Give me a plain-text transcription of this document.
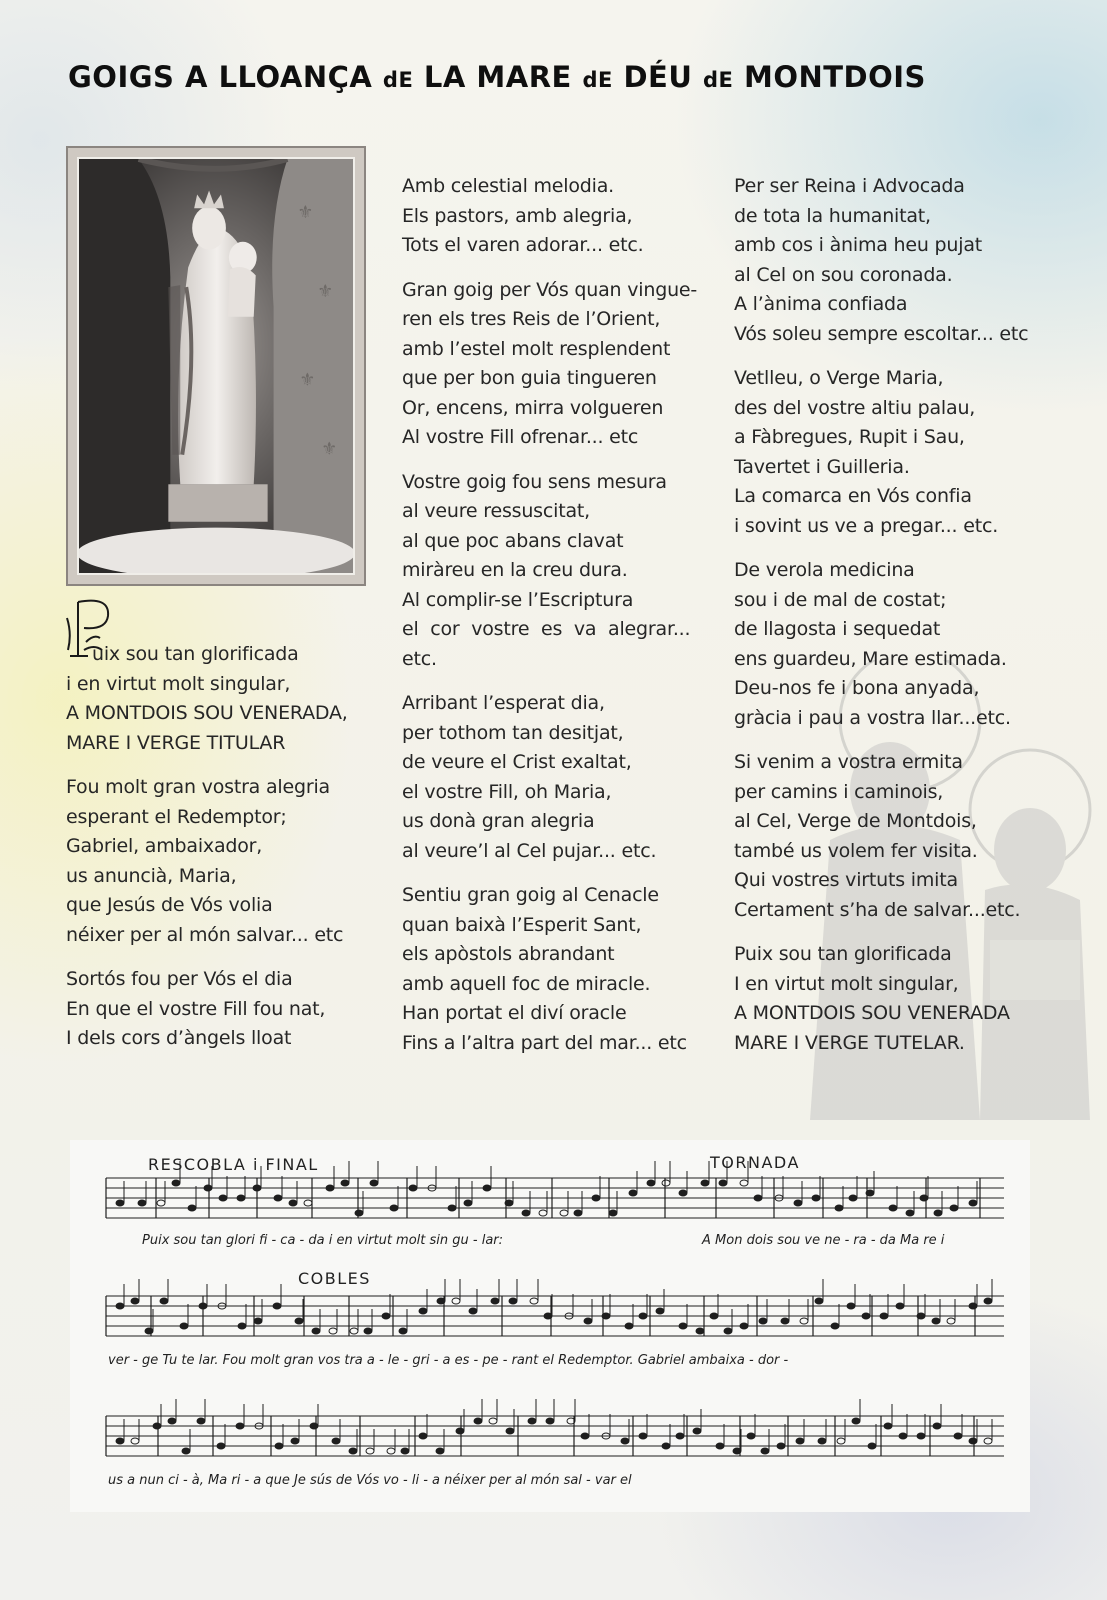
GOIGS A LLOANÇA dE LA MARE dE DÉU dE MONTDOIS
⚜
⚜
⚜
⚜

uix sou tan glorificada
i en virtut molt singular,
A MONTDOIS SOU VENERADA,
MARE I VERGE TITULAR

Fou molt gran vostra alegria
esperant el Redemptor;
Gabriel, ambaixador,
us anuncià, Maria,
que Jesús de Vós volia
néixer per al món salvar... etc

Sortós fou per Vós el dia
En que el vostre Fill fou nat,
I dels cors d’àngels lloat

Amb celestial melodia.
Els pastors, amb alegria,
Tots el varen adorar... etc.

Gran goig per Vós quan vingue-
ren els tres Reis de l’Orient,
amb l’estel molt resplendent
que per bon guia tingueren
Or, encens, mirra volgueren
Al vostre Fill ofrenar... etc

Vostre goig fou sens mesura
al veure ressuscitat,
al que poc abans clavat
miràreu en la creu dura.
Al complir-se l’Escriptura
el  cor  vostre  es  va  alegrar...
etc.

Arribant l’esperat dia,
per tothom tan desitjat,
de veure el Crist exaltat,
el vostre Fill, oh Maria,
us donà gran alegria
al veure’l al Cel pujar... etc.

Sentiu gran goig al Cenacle
quan baixà l’Esperit Sant,
els apòstols abrandant
amb aquell foc de miracle.
Han portat el diví oracle
Fins a l’altra part del mar... etc

Per ser Reina i Advocada
de tota la humanitat,
amb cos i ànima heu pujat
al Cel on sou coronada.
A l’ànima confiada
Vós soleu sempre escoltar... etc

Vetlleu, o Verge Maria,
des del vostre altiu palau,
a Fàbregues, Rupit i Sau,
Tavertet i Guilleria.
La comarca en Vós confia
i sovint us ve a pregar... etc.

De verola medicina
sou i de mal de costat;
de llagosta i sequedat
ens guardeu, Mare estimada.
Deu-nos fe i bona anyada,
gràcia i pau a vostra llar...etc.

Si venim a vostra ermita
per camins i caminois,
al Cel, Verge de Montdois,
també us volem fer visita.
Qui vostres virtuts imita
Certament s’ha de salvar...etc.

Puix sou tan glorificada
I en virtut molt singular,
A MONTDOIS SOU VENERADA
MARE I VERGE TUTELAR.

RESCOBLA i FINAL	TORNADA
COBLES
Puix sou tan glori fi - ca - da i en virtut molt sin gu - lar:	A Mon dois sou ve ne - ra - da Ma re i
ver - ge Tu te lar. Fou molt gran vos tra a - le - gri - a es - pe - rant el Redemptor. Gabriel ambaixa - dor -
us a nun ci - à, Ma ri - a que Je sús de Vós vo - li - a néixer per al món sal - var el
